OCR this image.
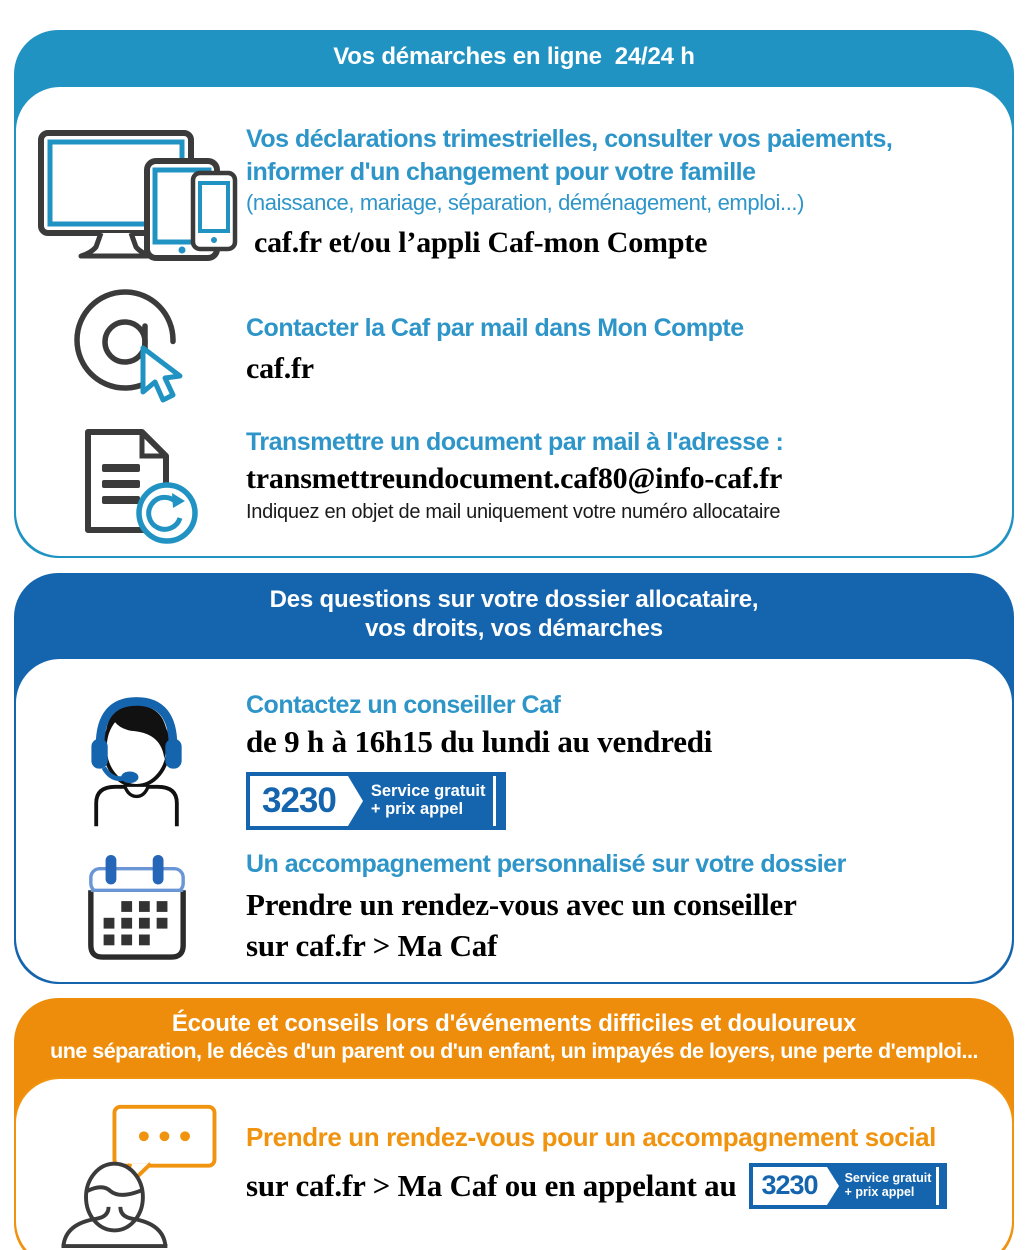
Vos démarches en ligne  24/24 h
Vos déclarations trimestrielles, consulter vos paiements,
informer d'un changement pour votre famille
(naissance, mariage, séparation, déménagement, emploi...)
caf.fr et/ou l’appli Caf-mon Compte
Contacter la Caf par mail dans Mon Compte
caf.fr
Transmettre un document par mail à l'adresse :
transmettreundocument.caf80@info-caf.fr
Indiquez en objet de mail uniquement votre numéro allocataire
Des questions sur votre dossier allocataire,
vos droits, vos démarches
Contactez un conseiller Caf
de 9 h à 16h15 du lundi au vendredi
3230	Service gratuit
+ prix appel
Un accompagnement personnalisé sur votre dossier
Prendre un rendez-vous avec un conseiller
sur caf.fr > Ma Caf
Écoute et conseils lors d'événements difficiles et douloureux
une séparation, le décès d'un parent ou d'un enfant, un impayés de loyers, une perte d'emploi...
Prendre un rendez-vous pour un accompagnement social
sur caf.fr > Ma Caf ou en appelant au 3230	Service gratuit
+ prix appel
